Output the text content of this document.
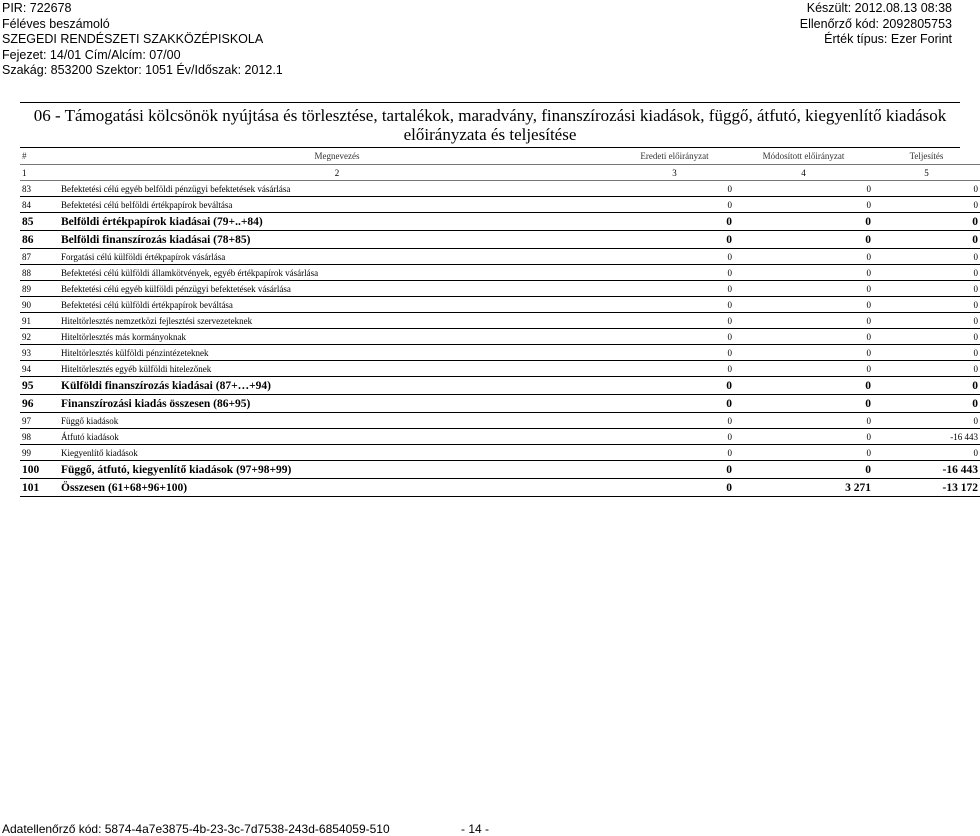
PIR: 722678
Féléves beszámoló
SZEGEDI RENDÉSZETI SZAKKÖZÉPISKOLA
Fejezet: 14/01 Cím/Alcím: 07/00
Szakág: 853200 Szektor: 1051 Év/Időszak: 2012.1
Készült: 2012.08.13 08:38
Ellenőrző kód: 2092805753
Érték típus: Ezer Forint
06 - Támogatási kölcsönök nyújtása és törlesztése, tartalékok, maradvány, finanszírozási kiadások, függő, átfutó, kiegyenlítő kiadások előirányzata és teljesítése
#	Megnevezés	Eredeti előirányzat	Módosított előirányzat	Teljesítés
1	2	3	4	5
83	Befektetési célú egyéb belföldi pénzügyi befektetések vásárlása	0	0	0
84	Befektetési célú belföldi értékpapírok beváltása	0	0	0
85	Belföldi értékpapírok kiadásai (79+..+84)	0	0	0
86	Belföldi finanszírozás kiadásai (78+85)	0	0	0
87	Forgatási célú külföldi értékpapírok vásárlása	0	0	0
88	Befektetési célú külföldi államkötvények, egyéb értékpapírok vásárlása	0	0	0
89	Befektetési célú egyéb külföldi pénzügyi befektetések vásárlása	0	0	0
90	Befektetési célú külföldi értékpapírok beváltása	0	0	0
91	Hiteltörlesztés nemzetközi fejlesztési szervezeteknek	0	0	0
92	Hiteltörlesztés más kormányoknak	0	0	0
93	Hiteltörlesztés külföldi pénzintézeteknek	0	0	0
94	Hiteltörlesztés egyéb külföldi hitelezőnek	0	0	0
95	Külföldi finanszírozás kiadásai (87+…+94)	0	0	0
96	Finanszírozási kiadás összesen (86+95)	0	0	0
97	Függő kiadások	0	0	0
98	Átfutó kiadások	0	0	-16 443
99	Kiegyenlítő kiadások	0	0	0
100	Függő, átfutó, kiegyenlítő kiadások (97+98+99)	0	0	-16 443
101	Összesen (61+68+96+100)	0	3 271	-13 172
Adatellenőrző kód: 5874-4a7e3875-4b-23-3c-7d7538-243d-6854059-510	- 14 -
